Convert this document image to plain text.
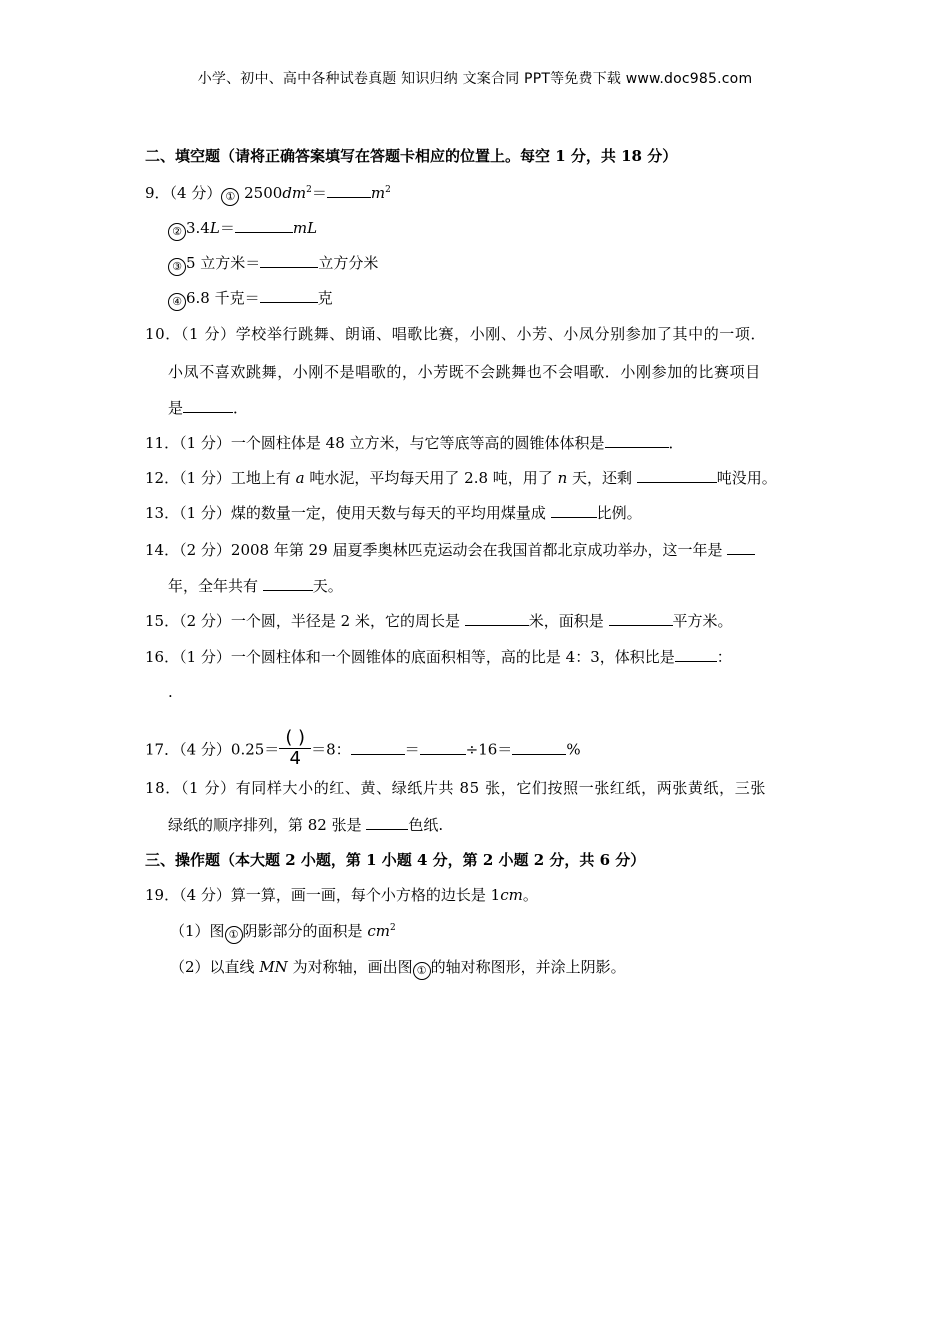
小学、初中、高中各种试卷真题 知识归纳 文案合同 PPT等免费下载 www.doc985.com
二、填空题（请将正确答案填写在答题卡相应的位置上。每空 1 分，共 18 分）
9．（4 分） ① $2500dm^2=$	$m^2$
② 3.4L＝	mL
③ 5 立方米＝	立方分米
④ 6.8 千克＝	克
10．（1 分）学校举行跳舞、朗诵、唱歌比赛，小刚、小芳、小凤分别参加了其中的一项．
小凤不喜欢跳舞，小刚不是唱歌的，小芳既不会跳舞也不会唱歌．小刚参加的比赛项目
是	．
11．（1 分）一个圆柱体是 48 立方米，与它等底等高的圆锥体体积是	．
12．（1 分）工地上有 a 吨水泥，平均每天用了 2.8 吨，用了 n 天，还剩	吨没用。
13．（1 分）煤的数量一定，使用天数与每天的平均用煤量成	比例。
14．（2 分）2008 年第 29 届夏季奥林匹克运动会在我国首都北京成功举办，这一年是
年，全年共有	天。
15．（2 分）一个圆，半径是 2 米，它的周长是	米，面积是	平方米。
16．（1 分）一个圆柱体和一个圆锥体的底面积相等，高的比是 4：3，体积比是	：
.
17．（4 分）$0.25= \frac{( )}{4} =8$：	＝	÷16＝	%
18．（1 分）有同样大小的红、黄、绿纸片共 85 张，它们按照一张红纸，两张黄纸，三张
绿纸的顺序排列，第 82 张是	色纸.
三、操作题（本大题 2 小题，第 1 小题 4 分，第 2 小题 2 分，共 6 分）
19．（4 分）算一算，画一画，每个小方格的边长是 1cm。
（1）图 ① 阴影部分的面积是 $cm^2$
（2）以直线 MN 为对称轴，画出图 ① 的轴对称图形，并涂上阴影。
